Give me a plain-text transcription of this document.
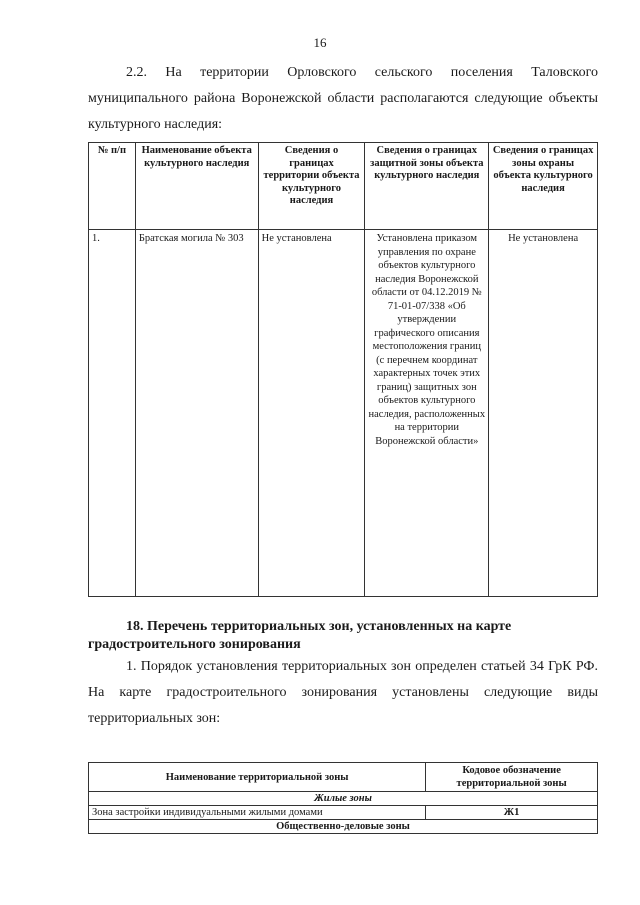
16

2.2. На территории Орловского сельского поселения Таловского муниципального района Воронежской области располагаются следующие объекты культурного наследия:

№ п/п	Наименование объекта культурного наследия	Сведения о границах территории объекта культурного наследия	Сведения о границах защитной зоны объекта культурного наследия	Сведения о границах зоны охраны объекта культурного наследия
1.	Братская могила № 303	Не установлена	Установлена приказом управления по охране объектов культурного наследия Воронежской области от 04.12.2019 № 71-01-07/338 «Об утверждении графического описания местоположения границ (с перечнем координат характерных точек этих границ) защитных зон объектов культурного наследия, расположенных на территории Воронежской области»	Не установлена
18. Перечень территориальных зон, установленных на карте градостроительного зонирования

1. Порядок установления территориальных зон определен статьей 34 ГрК РФ. На карте градостроительного зонирования установлены следующие виды территориальных зон:

Наименование территориальной зоны	Кодовое обозначение территориальной зоны
Жилые зоны	
Зона застройки индивидуальными жилыми домами	Ж1
Общественно-деловые зоны	
